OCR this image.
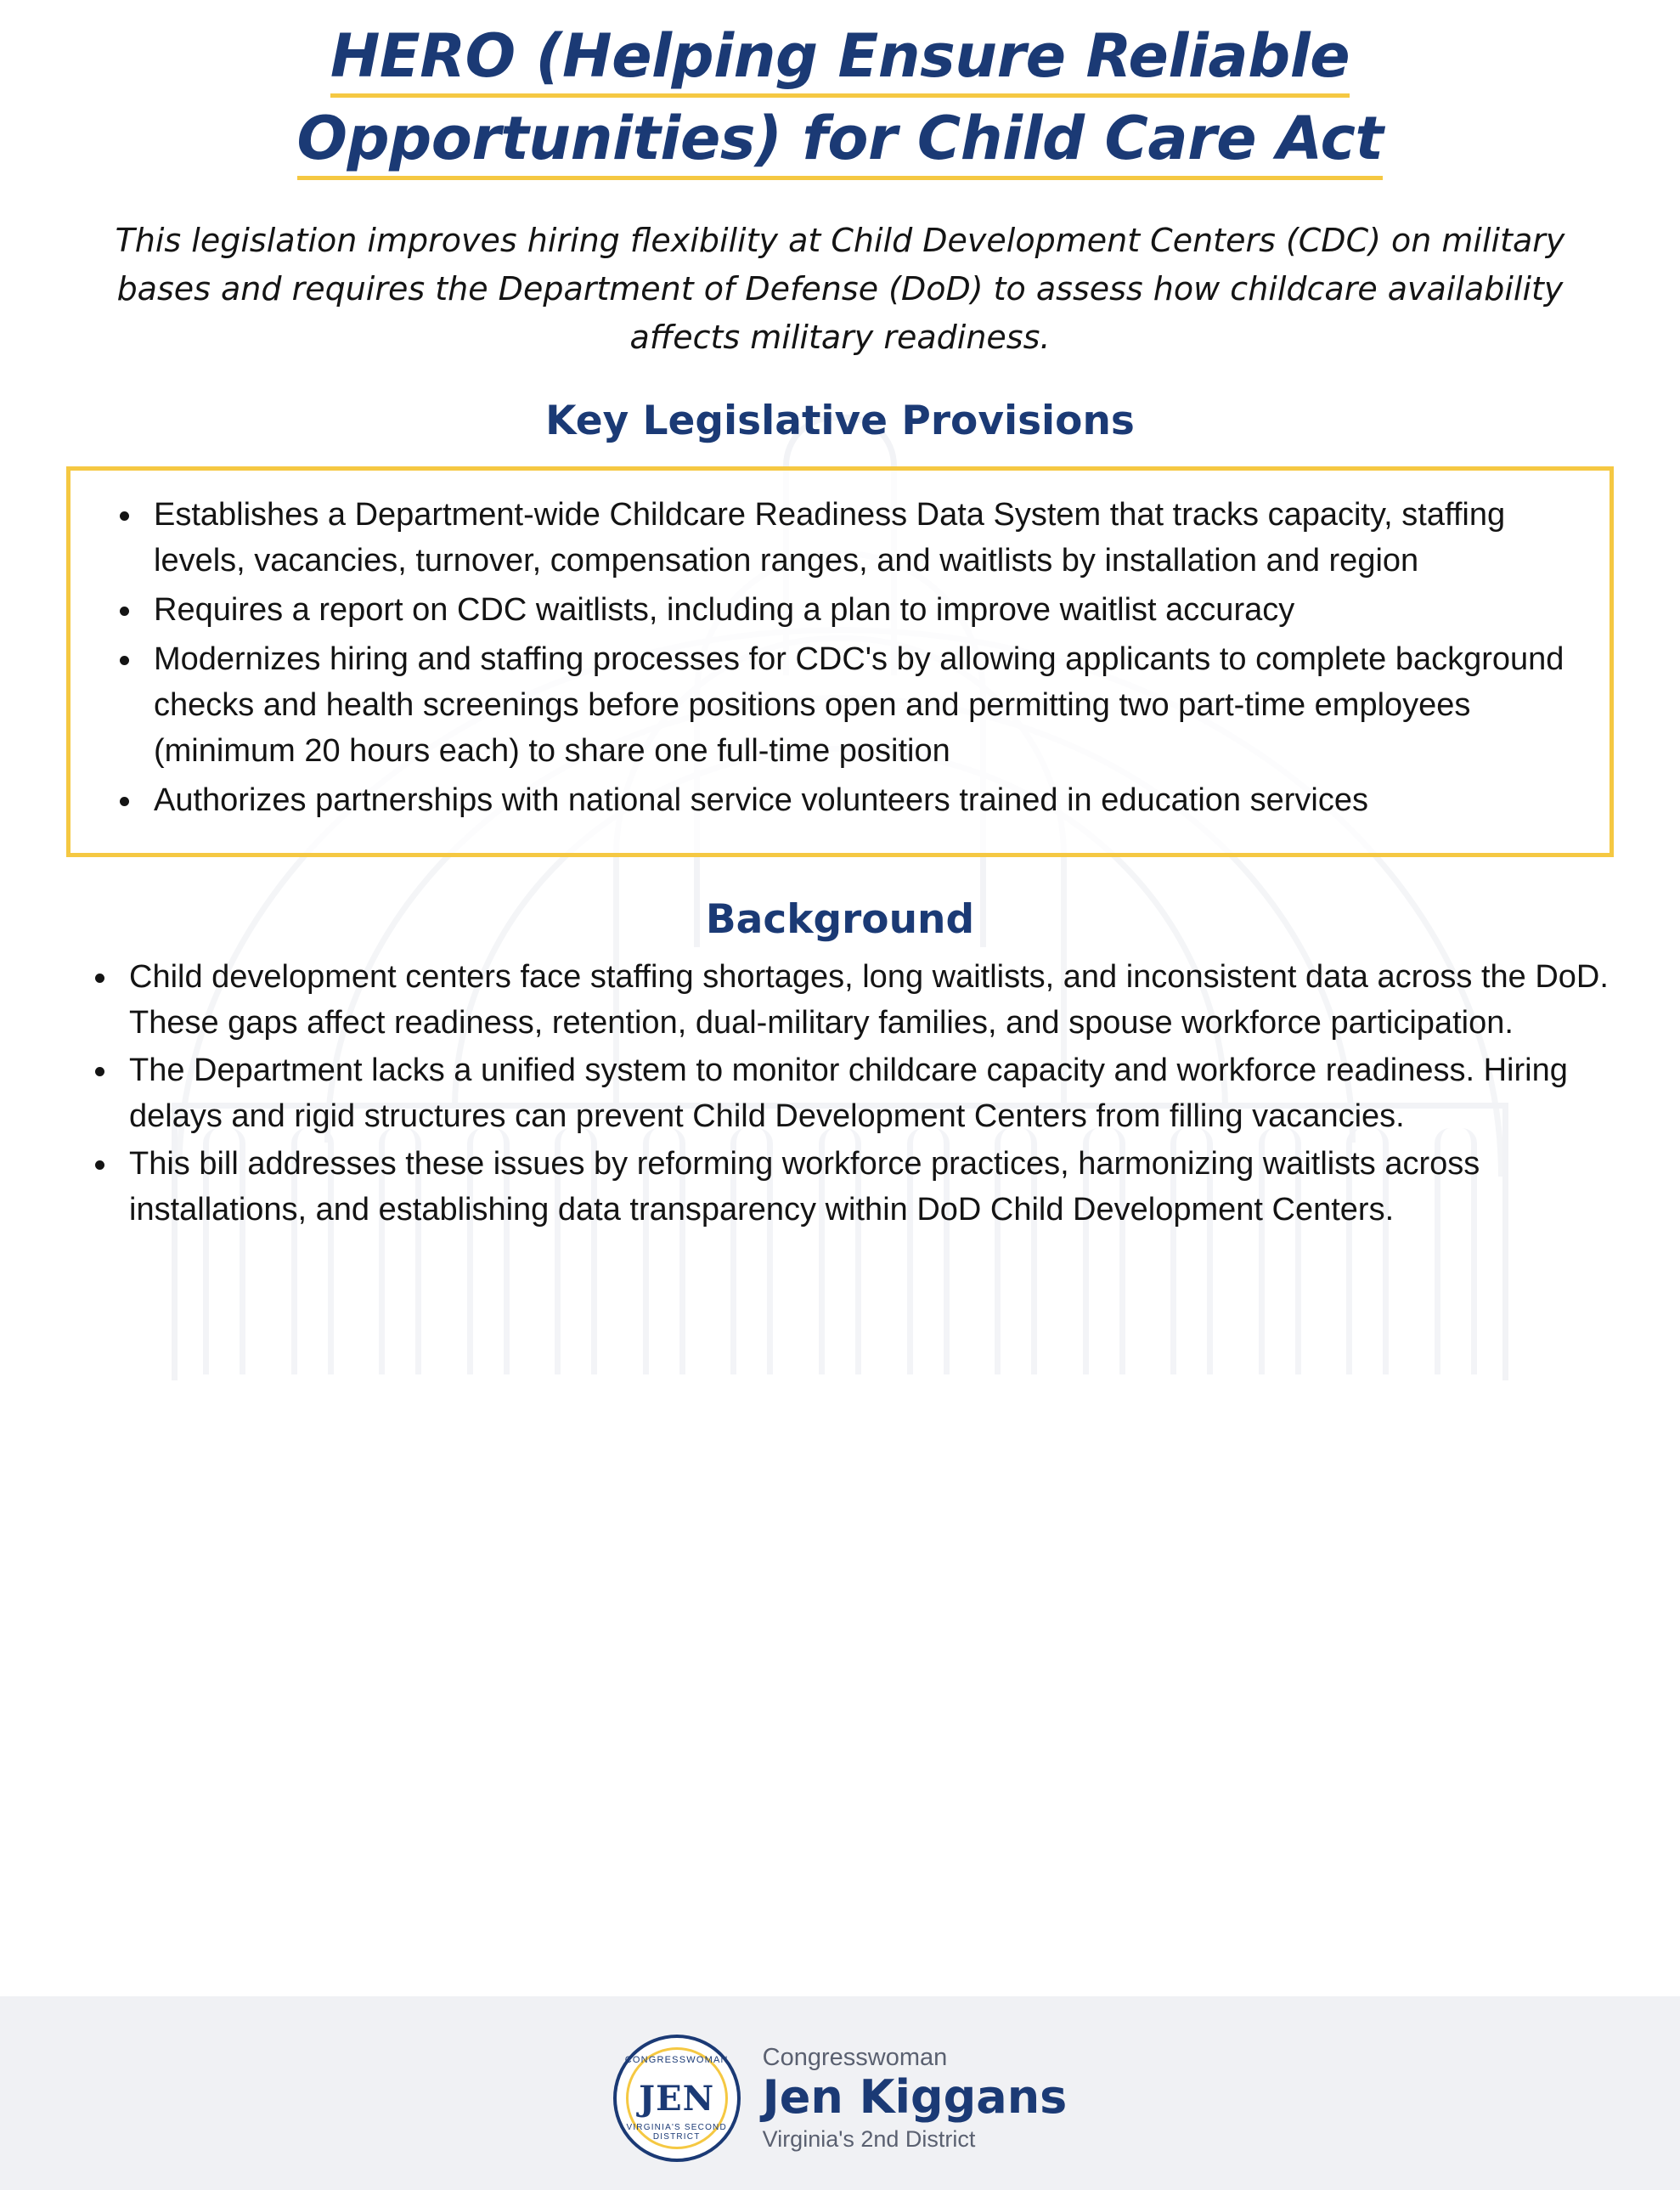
HERO (Helping Ensure Reliable
Opportunities) for Child Care Act

This legislation improves hiring flexibility at Child Development Centers (CDC) on military bases and requires the Department of Defense (DoD) to assess how childcare availability affects military readiness.

Key Legislative Provisions
Establishes a Department-wide Childcare Readiness Data System that tracks capacity, staffing levels, vacancies, turnover, compensation ranges, and waitlists by installation and region
Requires a report on CDC waitlists, including a plan to improve waitlist accuracy
Modernizes hiring and staffing processes for CDC's by allowing applicants to complete background checks and health screenings before positions open and permitting two part-time employees (minimum 20 hours each) to share one full-time position
Authorizes partnerships with national service volunteers trained in education services
Background
Child development centers face staffing shortages, long waitlists, and inconsistent data across the DoD. These gaps affect readiness, retention, dual-military families, and spouse workforce participation.
The Department lacks a unified system to monitor childcare capacity and workforce readiness. Hiring delays and rigid structures can prevent Child Development Centers from filling vacancies.
This bill addresses these issues by reforming workforce practices, harmonizing waitlists across installations, and establishing data transparency within DoD Child Development Centers.
CONGRESSWOMAN
JEN
VIRGINIA'S SECOND DISTRICT
Congresswoman
Jen Kiggans
Virginia's 2nd District
